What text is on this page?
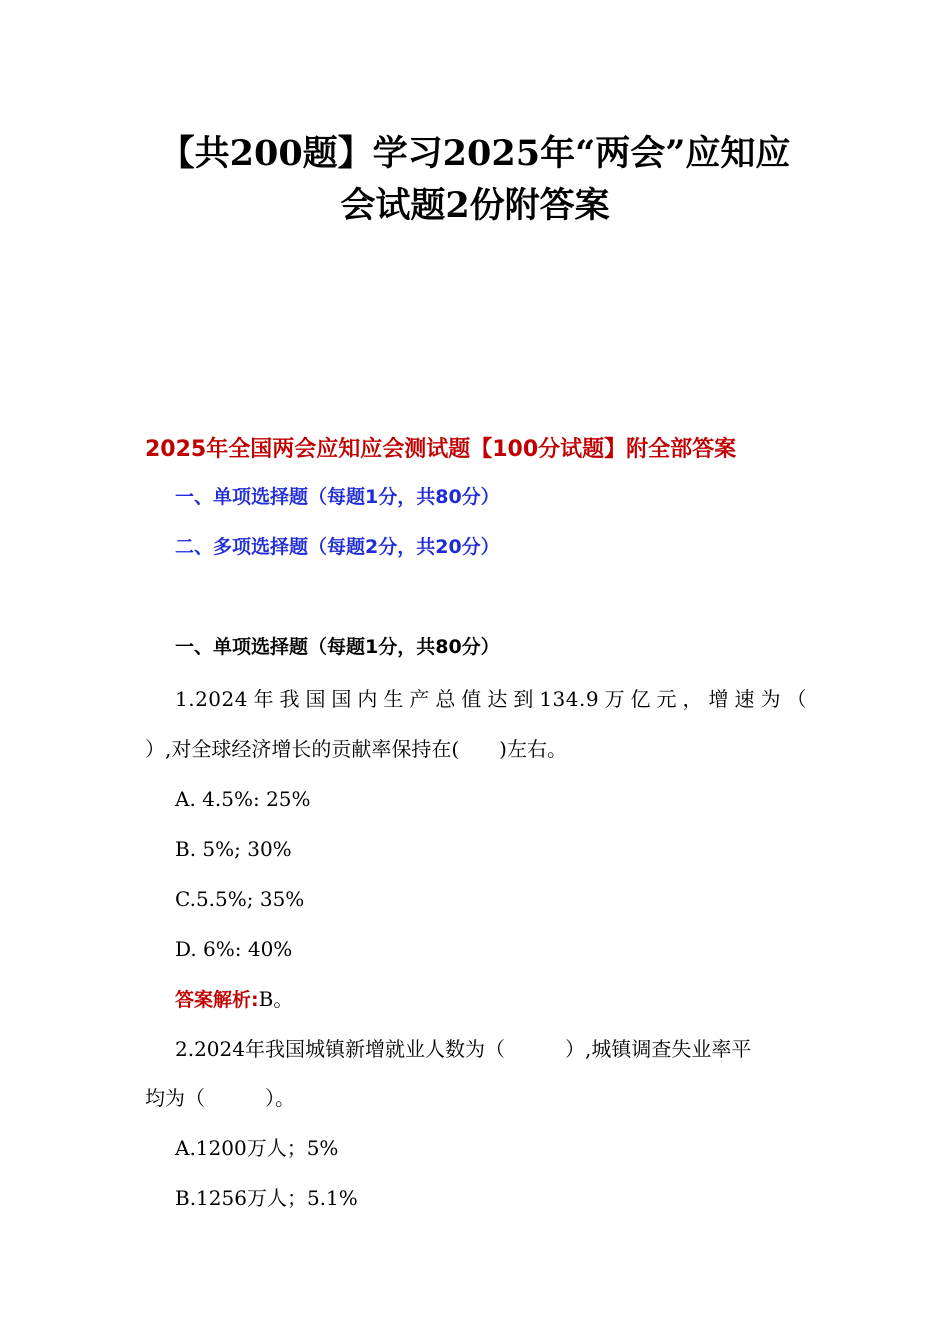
【共200题】学习2025年“两会”应知应
会试题2份附答案
2025年全国两会应知应会测试题【100分试题】附全部答案

一、单项选择题（每题1分，共80分）

二、多项选择题（每题2分，共20分）

一、单项选择题（每题1分，共80分）

1.2024年我国国内生产总值达到134.9万亿元，增速为（

）,对全球经济增长的贡献率保持在(　　)左右。

A. 4.5%: 25%

B. 5%; 30%

C.5.5%; 35%

D. 6%: 40%

答案解析:B。

2.2024年我国城镇新增就业人数为（　　　）,城镇调查失业率平

均为（　　　）。

A.1200万人；5%

B.1256万人；5.1%
